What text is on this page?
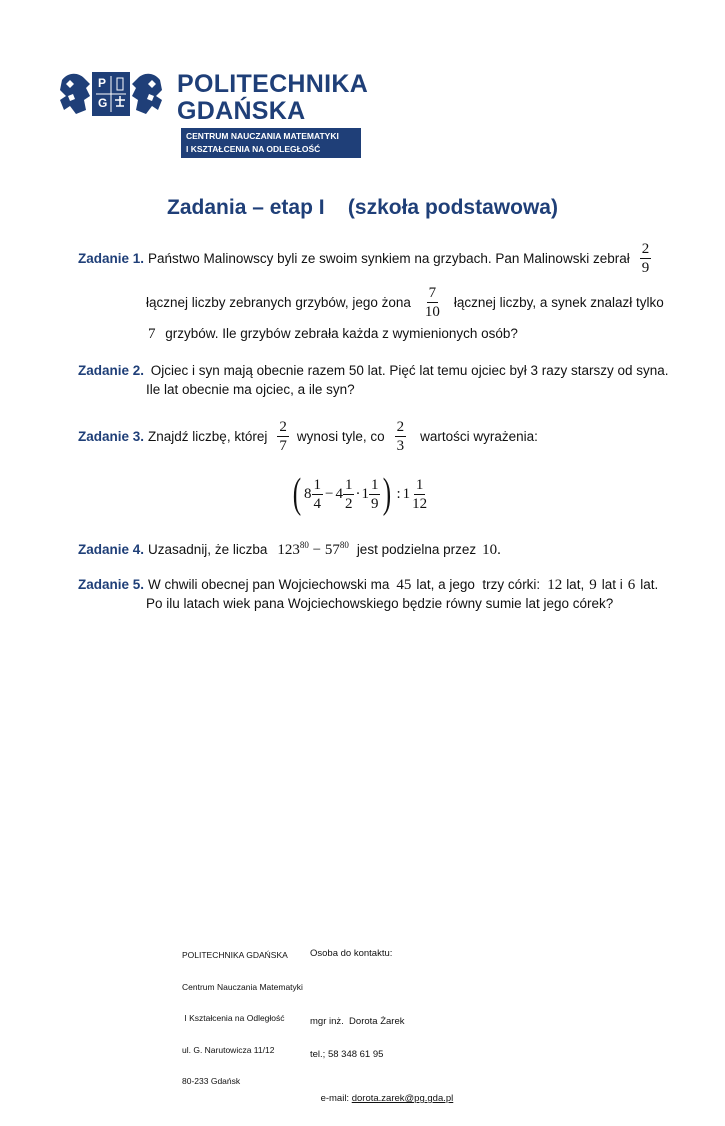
P
G
POLITECHNIKA
GDAŃSKA
CENTRUM NAUCZANIA MATEMATYKI
I KSZTAŁCENIA NA ODLEGŁOŚĆ
Zadania – etap I    (szkoła podstawowa)
Zadanie 1. Państwo Malinowscy byli ze swoim synkiem na grzybach. Pan Malinowski zebrał $\frac{2}{9}$
łącznej liczby zebranych grzybów, jego żona $\frac{7}{10}$ łącznej liczby, a synek znalazł tylko
7 grzybów. Ile grzybów zebrała każda z wymienionych osób?
Zadanie 2. Ojciec i syn mają obecnie razem 50 lat. Pięć lat temu ojciec był 3 razy starszy od syna.
Ile lat obecnie ma ojciec, a ile syn?
Zadanie 3. Znajdź liczbę, której $\frac{2}{7}$ wynosi tyle, co $\frac{2}{3}$ wartości wyrażenia:
( $8 \frac{1}{4} - 4 \frac{1}{2} \cdot 1 \frac{1}{9}$ ) : $1 \frac{1}{12}$
Zadanie 4. Uzasadnij, że liczba $123^{80} - 57^{80}$ jest podzielna przez 10 .
Zadanie 5. W chwili obecnej pan Wojciechowski ma 45 lat, a jego  trzy córki: 12 lat, 9 lat i 6 lat.
Po ilu latach wiek pana Wojciechowskiego będzie równy sumie lat jego córek?

POLITECHNIKA GDAŃSKA

Centrum Nauczania Matematyki

I Kształcenia na Odległość

ul. G. Narutowicza 11/12

80-233 Gdańsk

Osoba do kontaktu:

mgr inż.  Dorota Żarek

tel.; 58 348 61 95

e-mail: dorota.zarek@pg.gda.pl
